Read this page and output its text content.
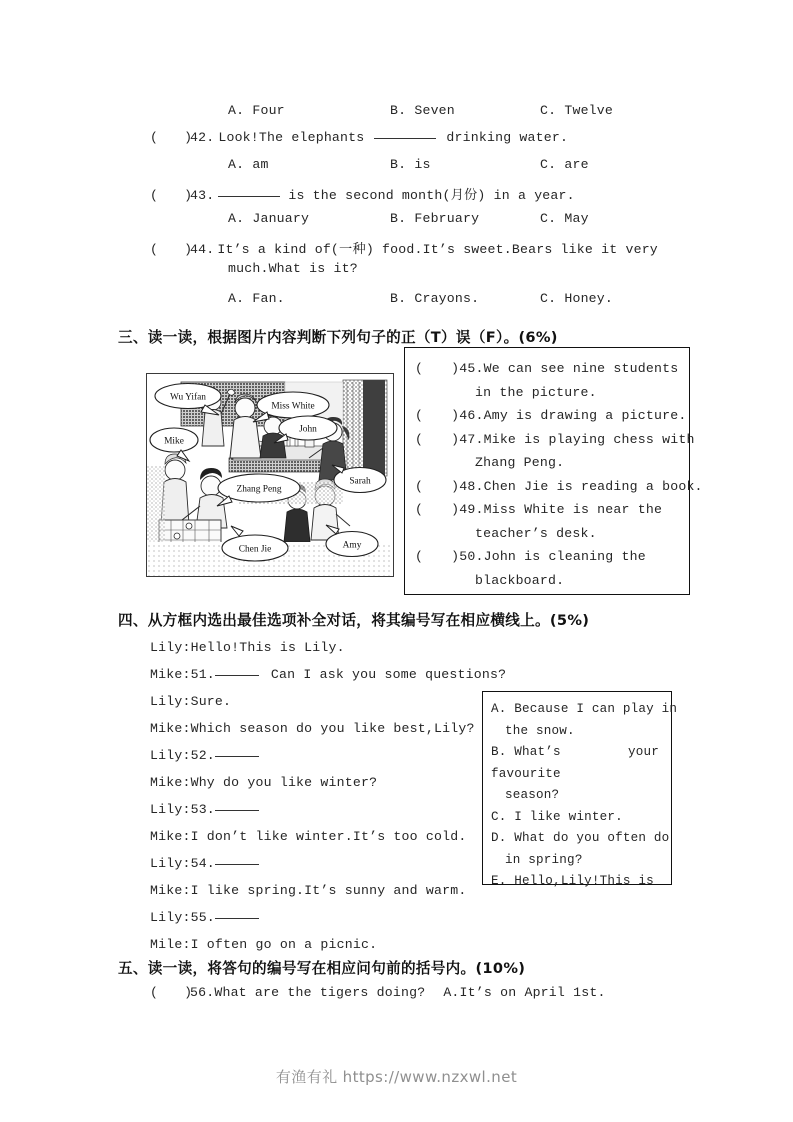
A. Four	B. Seven	C. Twelve
( )42. Look!The elephants	drinking water.
A. am	B. is	C. are
( )43.	is the second month(月份) in a year.
A. January	B. February	C. May
( )44. It’s a kind of(一种) food.It’s sweet.Bears like it very
much.What is it?
A. Fan.	B. Crayons.	C. Honey.
三、读一读，根据图片内容判断下列句子的正（T）误（F）。(6%)
Wu Yifan
Miss White
John
Mike
Sarah
Zhang Peng
Chen Jie	Amy
( )45.We can see nine students
in the picture.
( )46.Amy is drawing a picture.
( )47.Mike is playing chess with
Zhang Peng.
( )48.Chen Jie is reading a book.
( )49.Miss White is near the
teacher’s desk.
( )50.John is cleaning the
blackboard.
四、从方框内选出最佳选项补全对话，将其编号写在相应横线上。(5%)
Lily:Hello!This is Lily.
Mike:51.	Can I ask you some questions?
Lily:Sure.
Mike:Which season do you like best,Lily?
Lily:52.
Mike:Why do you like winter?
Lily:53.
Mike:I don’t like winter.It’s too cold.
Lily:54.
Mike:I like spring.It’s sunny and warm.
Lily:55.
Mile:I often go on a picnic.
A. Because I can play in
the snow.
B. What’s	your
favourite
season?
C. I like winter.
D. What do you often do
in spring?
E. Hello,Lily!This is
五、读一读，将答句的编号写在相应问句前的括号内。(10%)
( )56.What are the tigers doing? A.It’s on April 1st.
有渔有礼 https://www.nzxwl.net
